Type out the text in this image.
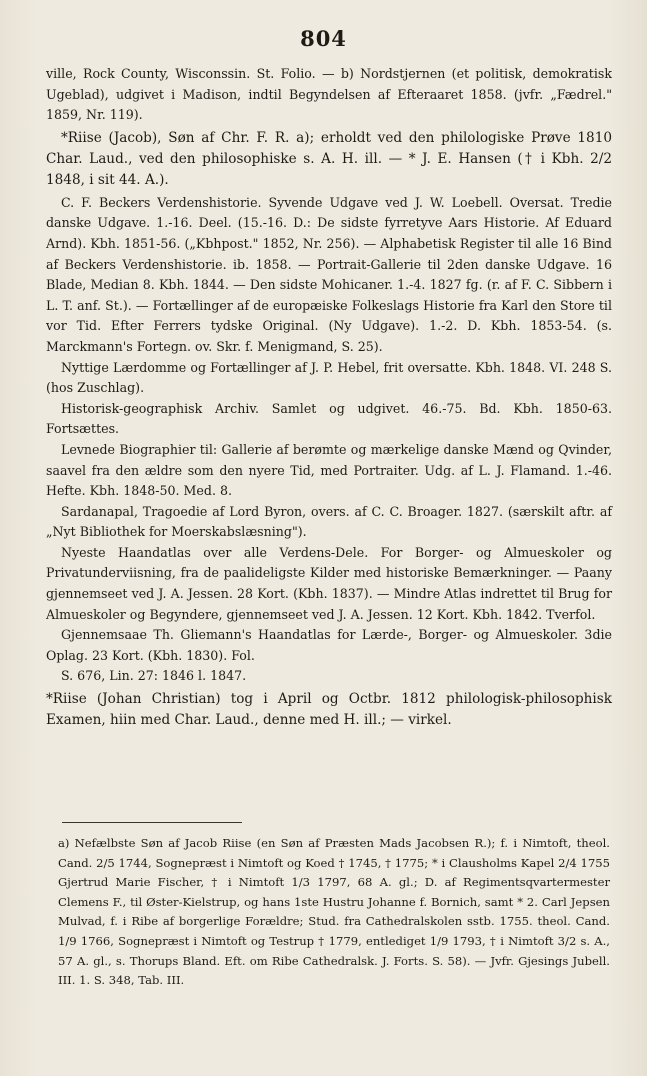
804

ville, Rock County, Wisconssin. St. Folio. — b) Nordstjernen (et politisk, demokratisk Ugeblad), udgivet i Madison, indtil Begyndelsen af Efteraaret 1858. (jvfr. „Fædrel." 1859, Nr. 119).

*Riise (Jacob), Søn af Chr. F. R. a); erholdt ved den philologiske Prøve 1810 Char. Laud., ved den philosophiske s. A. H. ill. — * J. E. Hansen († i Kbh. 2/2 1848, i sit 44. A.).

C. F. Beckers Verdenshistorie. Syvende Udgave ved J. W. Loebell. Oversat. Tredie danske Udgave. 1.-16. Deel. (15.-16. D.: De sidste fyrretyve Aars Historie. Af Eduard Arnd). Kbh. 1851-56. („Kbhpost." 1852, Nr. 256). — Alphabetisk Register til alle 16 Bind af Beckers Verdenshistorie. ib. 1858. — Portrait-Gallerie til 2den danske Udgave. 16 Blade, Median 8. Kbh. 1844. — Den sidste Mohicaner. 1.-4. 1827 fg. (r. af F. C. Sibbern i L. T. anf. St.). — Fortællinger af de europæiske Folkeslags Historie fra Karl den Store til vor Tid. Efter Ferrers tydske Original. (Ny Udgave). 1.-2. D. Kbh. 1853-54. (s. Marckmann's Fortegn. ov. Skr. f. Menigmand, S. 25).

Nyttige Lærdomme og Fortællinger af J. P. Hebel, frit oversatte. Kbh. 1848. VI. 248 S. (hos Zuschlag).

Historisk-geographisk Archiv. Samlet og udgivet. 46.-75. Bd. Kbh. 1850-63. Fortsættes.

Levnede Biographier til: Gallerie af berømte og mærkelige danske Mænd og Qvinder, saavel fra den ældre som den nyere Tid, med Portraiter. Udg. af L. J. Flamand. 1.-46. Hefte. Kbh. 1848-50. Med. 8.

Sardanapal, Tragoedie af Lord Byron, overs. af C. C. Broager. 1827. (særskilt aftr. af „Nyt Bibliothek for Moerskabslæsning").

Nyeste Haandatlas over alle Verdens-Dele. For Borger- og Almueskoler og Privatunderviisning, fra de paalideligste Kilder med historiske Bemærkninger. — Paany gjennemseet ved J. A. Jessen. 28 Kort. (Kbh. 1837). — Mindre Atlas indrettet til Brug for Almueskoler og Begyndere, gjennemseet ved J. A. Jessen. 12 Kort. Kbh. 1842. Tverfol.

Gjennemsaae Th. Gliemann's Haandatlas for Lærde-, Borger- og Almueskoler. 3die Oplag. 23 Kort. (Kbh. 1830). Fol.

S. 676, Lin. 27: 1846 l. 1847.

*Riise (Johan Christian) tog i April og Octbr. 1812 philologisk-philosophisk Examen, hiin med Char. Laud., denne med H. ill.; — virkel.

a) Nefælbste Søn af Jacob Riise (en Søn af Præsten Mads Jacobsen R.); f. i Nimtoft, theol. Cand. 2/5 1744, Sognepræst i Nimtoft og Koed † 1745, † 1775; * i Clausholms Kapel 2/4 1755 Gjertrud Marie Fischer, † i Nimtoft 1/3 1797, 68 A. gl.; D. af Regimentsqvartermester Clemens F., til Øster-Kielstrup, og hans 1ste Hustru Johanne f. Bornich, samt * 2. Carl Jepsen Mulvad, f. i Ribe af borgerlige Forældre; Stud. fra Cathedralskolen sstb. 1755. theol. Cand. 1/9 1766, Sognepræst i Nimtoft og Testrup † 1779, entlediget 1/9 1793, † i Nimtoft 3/2 s. A., 57 A. gl., s. Thorups Bland. Eft. om Ribe Cathedralsk. J. Forts. S. 58). — Jvfr. Gjesings Jubell. III. 1. S. 348, Tab. III.
